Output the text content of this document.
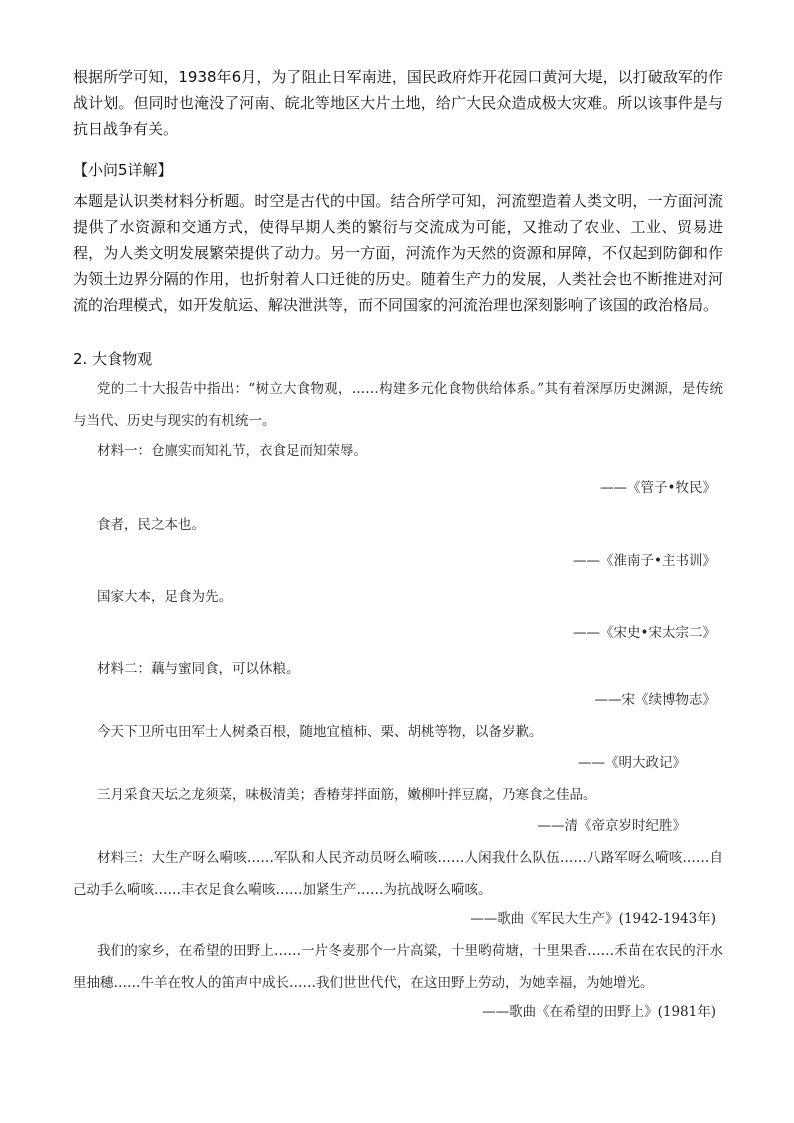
根据所学可知，1938年6月，为了阻止日军南进，国民政府炸开花园口黄河大堤，以打破敌军的作战计划。但同时也淹没了河南、皖北等地区大片土地，给广大民众造成极大灾难。所以该事件是与抗日战争有关。

【小问5详解】

本题是认识类材料分析题。时空是古代的中国。结合所学可知，河流塑造着人类文明，一方面河流提供了水资源和交通方式，使得早期人类的繁衍与交流成为可能，又推动了农业、工业、贸易进程，为人类文明发展繁荣提供了动力。另一方面，河流作为天然的资源和屏障，不仅起到防御和作为领土边界分隔的作用，也折射着人口迁徙的历史。随着生产力的发展，人类社会也不断推进对河流的治理模式，如开发航运、解决泄洪等，而不同国家的河流治理也深刻影响了该国的政治格局。

2. 大食物观

党的二十大报告中指出：“树立大食物观，……构建多元化食物供给体系。”其有着深厚历史渊源，是传统与当代、历史与现实的有机统一。

材料一：仓廪实而知礼节，衣食足而知荣辱。
——《管子•牧民》
食者，民之本也。
——《淮南子•主书训》
国家大本，足食为先。
——《宋史•宋太宗二》
材料二：藕与蜜同食，可以休粮。
——宋《续博物志》
今天下卫所屯田军士人树桑百根，随地宜植柿、栗、胡桃等物，以备岁歉。
——《明大政记》
三月采食天坛之龙须菜，味极清美；香椿芽拌面筋，嫩柳叶拌豆腐，乃寒食之佳品。
——清《帝京岁时纪胜》

材料三：大生产呀么嗬咳……军队和人民齐动员呀么嗬咳……人闲我什么队伍……八路军呀么嗬咳……自己动手么嗬咳……丰衣足食么嗬咳……加紧生产……为抗战呀么嗬咳。

——歌曲《军民大生产》(1942-1943年)

我们的家乡，在希望的田野上……一片冬麦那个一片高粱，十里哟荷塘，十里果香……禾苗在农民的汗水里抽穗……牛羊在牧人的笛声中成长……我们世世代代，在这田野上劳动，为她幸福，为她增光。

——歌曲《在希望的田野上》(1981年)
